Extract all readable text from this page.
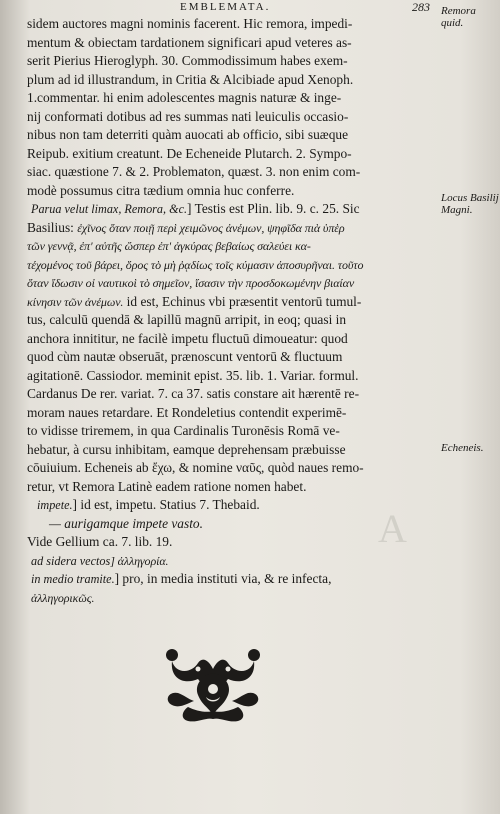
EMBLEMATA.	283
sidem auctores magni nominis facerent. Hic remora, impedi-
mentum & obiectam tardationem significari apud veteres as-
serit Pierius Hieroglyph. 30. Commodissimum habes exem-
plum ad id illustrandum, in Critia & Alcibiade apud Xenoph.
1.commentar. hi enim adolescentes magnis naturæ & inge-
nij conformati dotibus ad res summas nati leuiculis occasio-
nibus non tam deterriti quàm auocati ab officio, sibi suæque
Reipub. exitium creatunt. De Echeneide Plutarch. 2. Sympo-
siac. quæstione 7. & 2. Problematon, quæst. 3. non enim com-
modè possumus citra tædium omnia huc conferre.
Parua velut limax, Remora, &c.] Testis est Plin. lib. 9. c. 25. Sic
Basilius: ἐχῖνος ὅταν ποιῇ περὶ χειμῶνος ἀνέμων, ψηφῖδα πιὰ ὑπὲρ
τῶν γεννᾷ, ἐπ' αὐτῆς ὥσπερ ἐπ' ἀγκύρας βεβαίως σαλεύει κα-
τέχομένος τοῦ βάρει, ὅρος τὸ μὴ ῥᾳδίως τοῖς κύμασιν ἀποσυρῆναι. τοῦτο
ὅταν ἴδωσιν οἱ ναυτικοὶ τὸ σημεῖον, ἴσασιν τὴν προσδοκωμένην βιαίαν
κίνησιν τῶν ἀνέμων. id est, Echinus vbi præsentit ventorū tumul-
tus, calculū quendā & lapillū magnū arripit, in eoq; quasi in
anchora innititur, ne facilè impetu fluctuū dimoueatur: quod
quod cùm nautæ obseruāt, prænoscunt ventorū & fluctuum
agitationē. Cassiodor. meminit epist. 35. lib. 1. Variar. formul.
Cardanus De rer. variat. 7. ca 37. satis constare ait hærentē re-
moram naues retardare. Et Rondeletius contendit experimē-
to vidisse triremem, in qua Cardinalis Turonēsis Romā ve-
hebatur, à cursu inhibitam, eamque deprehensam præbuisse
cōuiuium. Echeneis ab ἔχω, & nomine ναῦς, quòd naues remo-
retur, vt Remora Latinè eadem ratione nomen habet.
impete.] id est, impetu. Statius 7. Thebaid.
— aurigamque impete vasto.
Vide Gellium ca. 7. lib. 19.
ad sidera vectos] ἀλληγορία.
in medio tramite.] pro, in media instituti via, & re infecta,
ἀλληγορικῶς.
Remora quid.
Locus Basilij Magni.
Echeneis.
A
